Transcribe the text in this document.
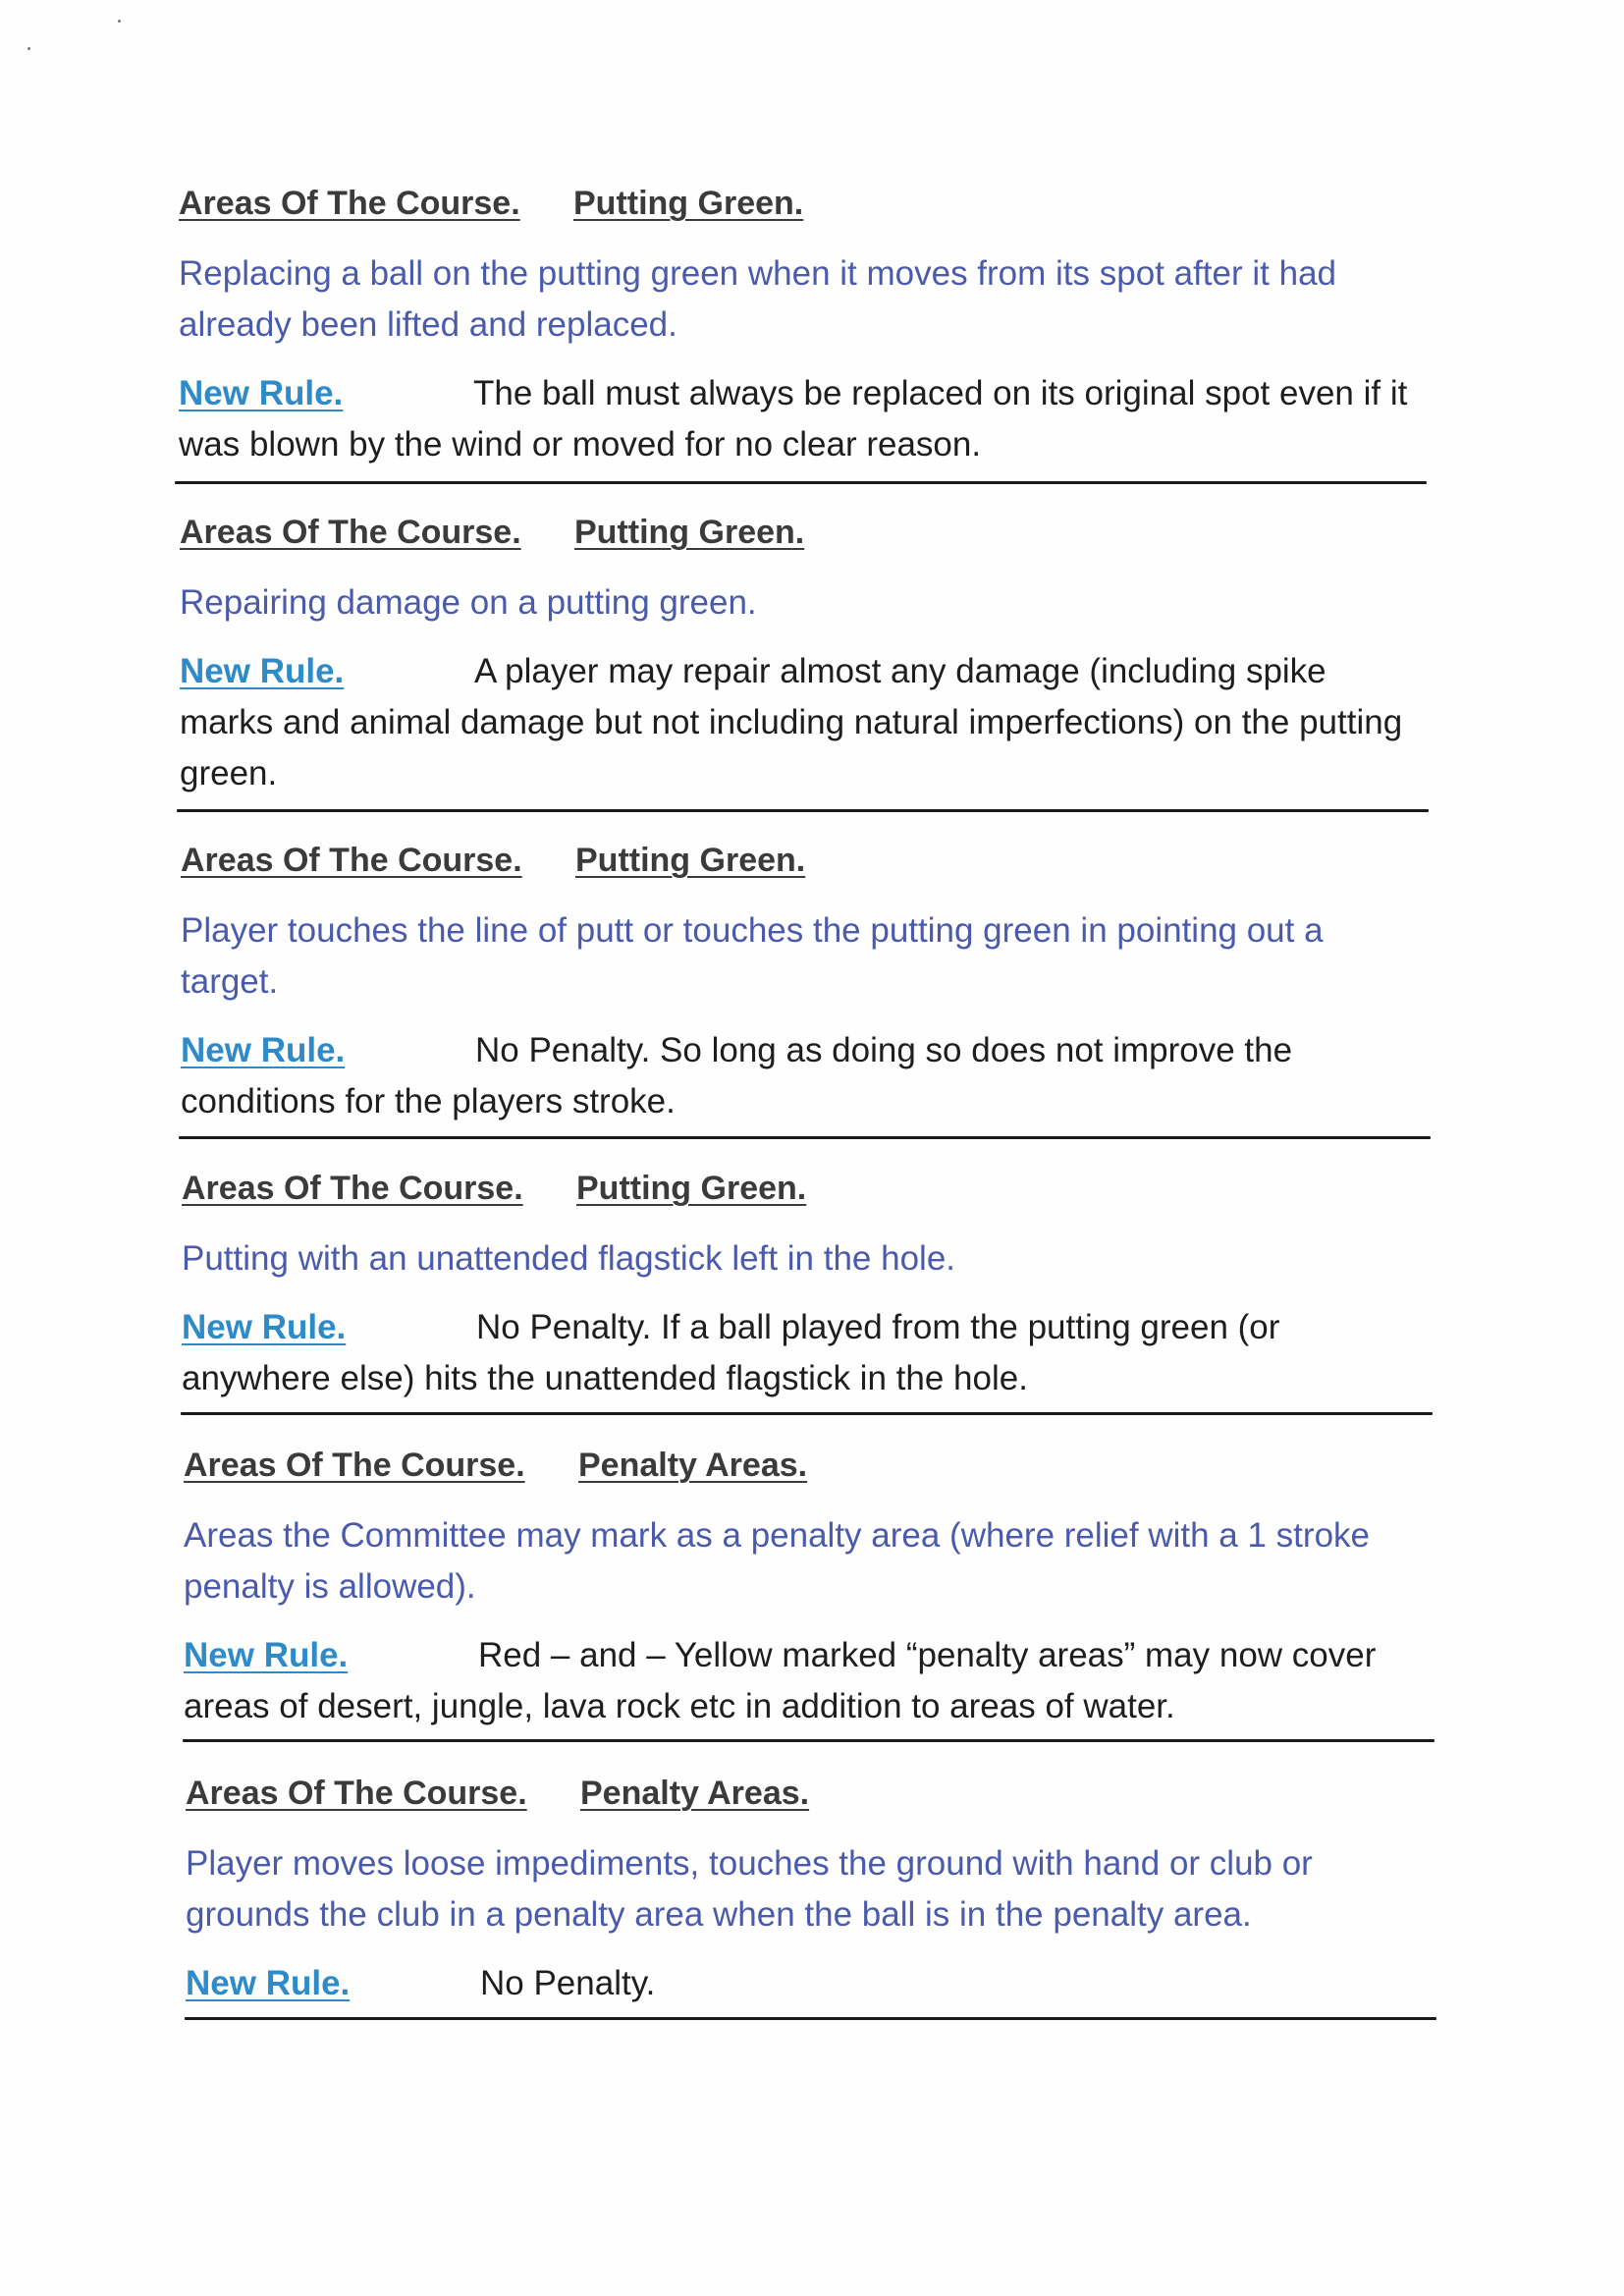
Areas Of The Course. Putting Green.
Replacing a ball on the putting green when it moves from its spot after it had already been lifted and replaced.
New Rule.	The ball must always be replaced on its original spot even if it was blown by the wind or moved for no clear reason.
Areas Of The Course. Putting Green.
Repairing damage on a putting green.
New Rule.	A player may repair almost any damage (including spike marks and animal damage but not including natural imperfections) on the putting green.
Areas Of The Course. Putting Green.
Player touches the line of putt or touches the putting green in pointing out a target.
New Rule.	No Penalty. So long as doing so does not improve the conditions for the players stroke.
Areas Of The Course. Putting Green.
Putting with an unattended flagstick left in the hole.
New Rule.	No Penalty. If a ball played from the putting green (or anywhere else) hits the unattended flagstick in the hole.
Areas Of The Course. Penalty Areas.
Areas the Committee may mark as a penalty area (where relief with a 1 stroke penalty is allowed).
New Rule.	Red – and – Yellow marked “penalty areas” may now cover areas of desert, jungle, lava rock etc in addition to areas of water.
Areas Of The Course. Penalty Areas.
Player moves loose impediments, touches the ground with hand or club or grounds the club in a penalty area when the ball is in the penalty area.
New Rule.	No Penalty.
